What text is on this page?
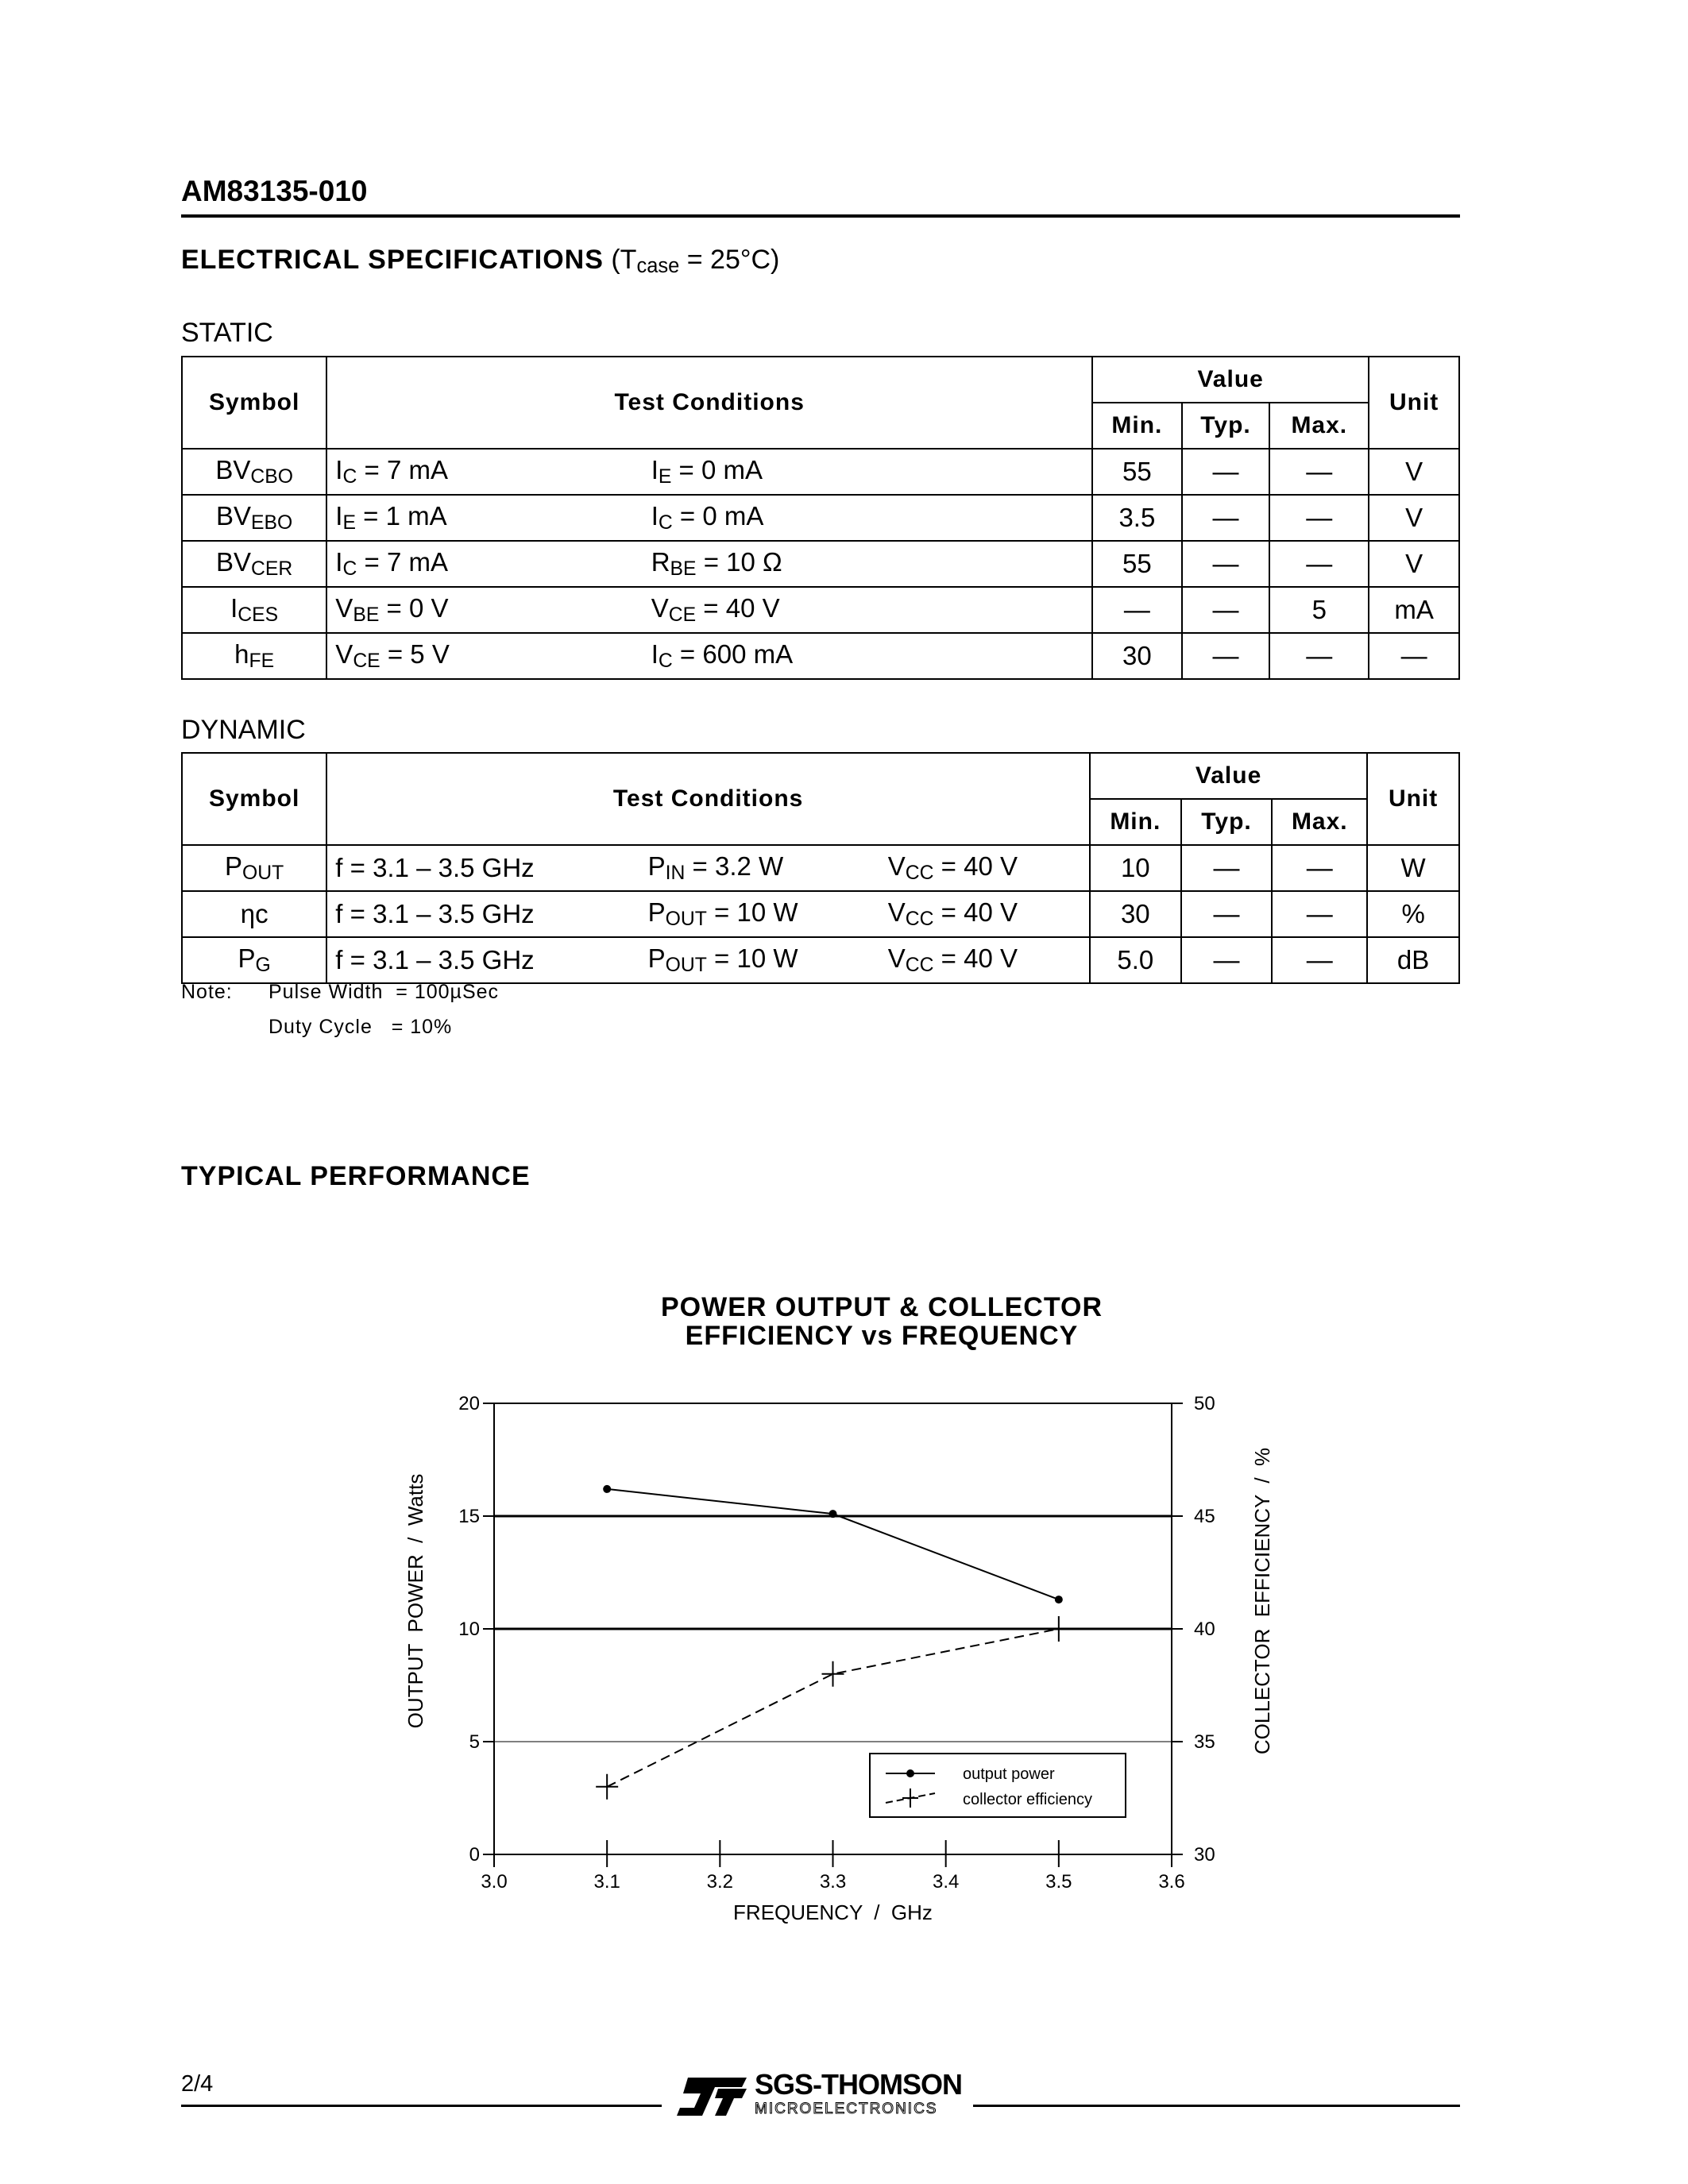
AM83135-010
ELECTRICAL SPECIFICATIONS $(T_{case} = 25^\circ C)$
STATIC
Symbol	Test Conditions		Value			Unit
			Min.	Typ.	Max.	
$BV_{CBO}$	$I_C = 7$ mA	$I_E = 0$ mA	55	—	—	V
$BV_{EBO}$	$I_E = 1$ mA	$I_C = 0$ mA	3.5	—	—	V
$BV_{CER}$	$I_C = 7$ mA	$R_{BE} = 10$ Ω	55	—	—	V
$I_{CES}$	$V_{BE} = 0$ V	$V_{CE} = 40$ V	—	—	5	mA
$h_{FE}$	$V_{CE} = 5$ V	$I_C = 600$ mA	30	—	—	—
DYNAMIC
Symbol	Test Conditions			Value			Unit
				Min.	Typ.	Max.	
$P_{OUT}$	f = 3.1 – 3.5 GHz	$P_{IN} = 3.2$ W	$V_{CC} = 40$ V	10	—	—	W
ηc	f = 3.1 – 3.5 GHz	$P_{OUT} = 10$ W	$V_{CC} = 40$ V	30	—	—	%
$P_G$	f = 3.1 – 3.5 GHz	$P_{OUT} = 10$ W	$V_{CC} = 40$ V	5.0	—	—	dB
Note: Pulse Width  = 100µSec
Duty Cycle   = 10%
TYPICAL PERFORMANCE
POWER OUTPUT & COLLECTOR
EFFICIENCY vs FREQUENCY
0
5
10
15
20
30
35
40
45
50
3.0	3.1	3.2	3.3	3.4	3.5	3.6
FREQUENCY  /  GHz
OUTPUT  POWER  /  Watts	COLLECTOR  EFFICIENCY  /  %
output power
collector efficiency
2/4	SGS-THOMSON
MICROELECTRONICS
